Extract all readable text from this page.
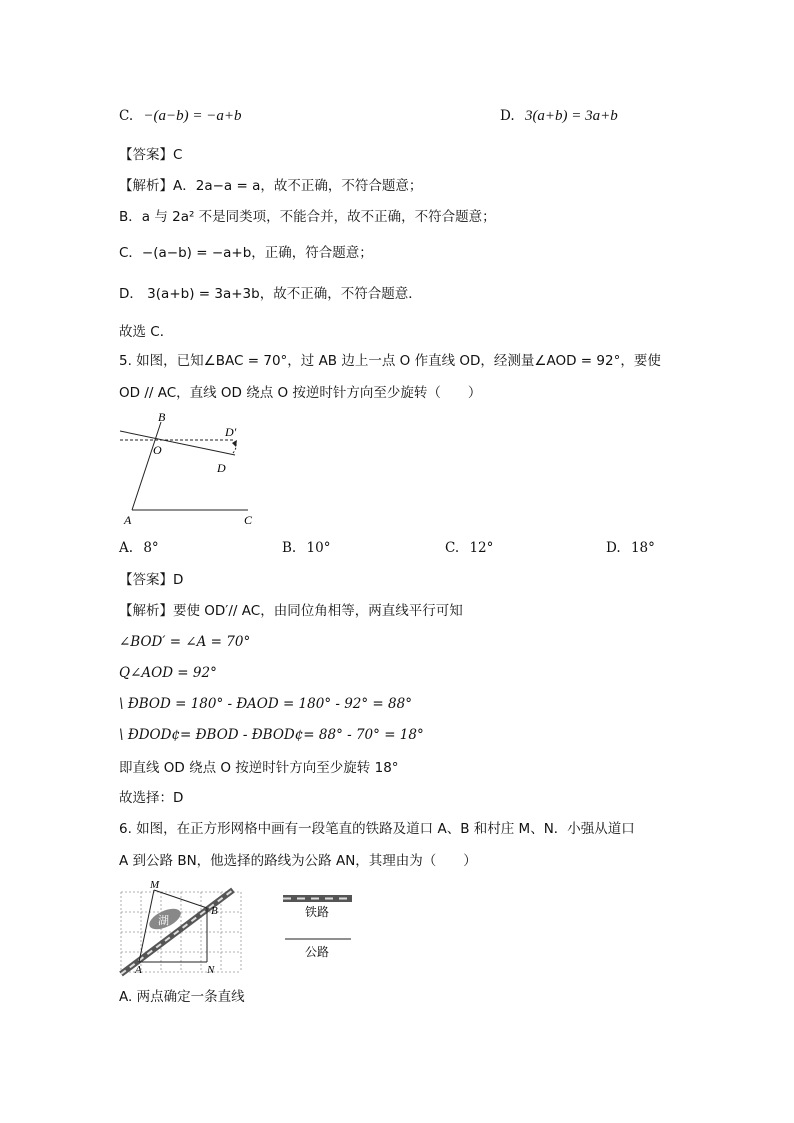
C. −(a−b) = −a+b	D. 3(a+b) = 3a+b
【答案】C
【解析】A．2a−a = a，故不正确，不符合题意；
B．a 与 2a² 不是同类项，不能合并，故不正确，不符合题意；
C．−(a−b) = −a+b，正确，符合题意；
D． 3(a+b) = 3a+3b，故不正确，不符合题意．
故选 C．
5. 如图，已知∠BAC = 70°，过 AB 边上一点 O 作直线 OD，经测量∠AOD = 92°，要使
OD // AC，直线 OD 绕点 O 按逆时针方向至少旋转（　　）
B
D′
O
D
A	C
A. 8°	B. 10°	C. 12°	D. 18°
【答案】D
【解析】要使 OD′// AC，由同位角相等，两直线平行可知
∠BOD′ = ∠A = 70°
Q∠AOD = 92°
\ ÐBOD = 180° - ÐAOD = 180° - 92° = 88°
\ ÐDOD¢= ÐBOD - ÐBOD¢= 88° - 70° = 18°
即直线 OD 绕点 O 按逆时针方向至少旋转 18°
故选择：D
6. 如图，在正方形网格中画有一段笔直的铁路及道口 A、B 和村庄 M、N．小强从道口
A 到公路 BN，他选择的路线为公路 AN，其理由为（　　）
湖
M
B
A	N
铁路
公路
A. 两点确定一条直线
